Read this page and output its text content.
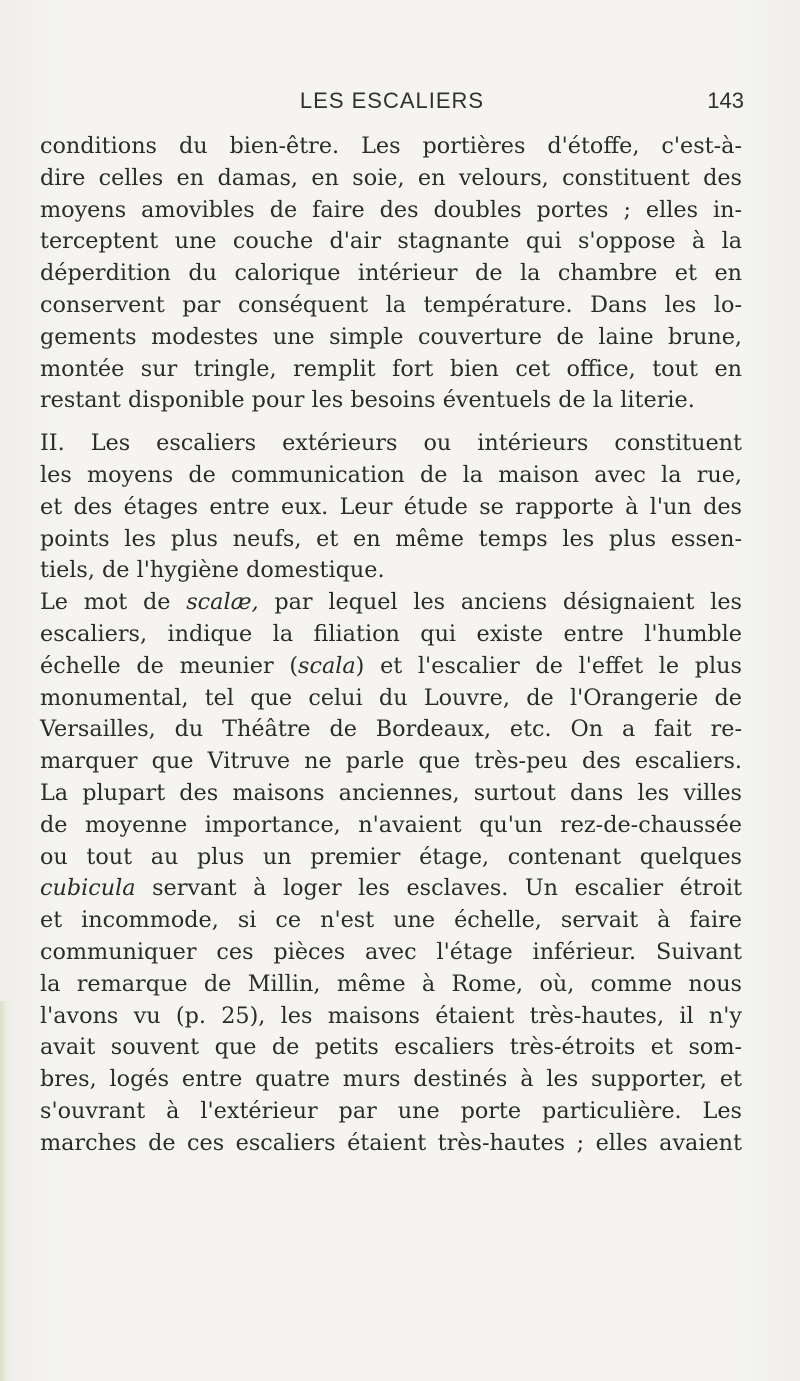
LES ESCALIERS	143
conditions du bien-être. Les portières d'étoffe, c'est-à-
dire celles en damas, en soie, en velours, constituent des
moyens amovibles de faire des doubles portes ; elles in-
terceptent une couche d'air stagnante qui s'oppose à la
déperdition du calorique intérieur de la chambre et en
conservent par conséquent la température. Dans les lo-
gements modestes une simple couverture de laine brune,
montée sur tringle, remplit fort bien cet office, tout en
restant disponible pour les besoins éventuels de la literie.
II. Les escaliers extérieurs ou intérieurs constituent
les moyens de communication de la maison avec la rue,
et des étages entre eux. Leur étude se rapporte à l'un des
points les plus neufs, et en même temps les plus essen-
tiels, de l'hygiène domestique.
Le mot de scalæ, par lequel les anciens désignaient les
escaliers, indique la filiation qui existe entre l'humble
échelle de meunier (scala) et l'escalier de l'effet le plus
monumental, tel que celui du Louvre, de l'Orangerie de
Versailles, du Théâtre de Bordeaux, etc. On a fait re-
marquer que Vitruve ne parle que très-peu des escaliers.
La plupart des maisons anciennes, surtout dans les villes
de moyenne importance, n'avaient qu'un rez-de-chaussée
ou tout au plus un premier étage, contenant quelques
cubicula servant à loger les esclaves. Un escalier étroit
et incommode, si ce n'est une échelle, servait à faire
communiquer ces pièces avec l'étage inférieur. Suivant
la remarque de Millin, même à Rome, où, comme nous
l'avons vu (p. 25), les maisons étaient très-hautes, il n'y
avait souvent que de petits escaliers très-étroits et som-
bres, logés entre quatre murs destinés à les supporter, et
s'ouvrant à l'extérieur par une porte particulière. Les
marches de ces escaliers étaient très-hautes ; elles avaient
